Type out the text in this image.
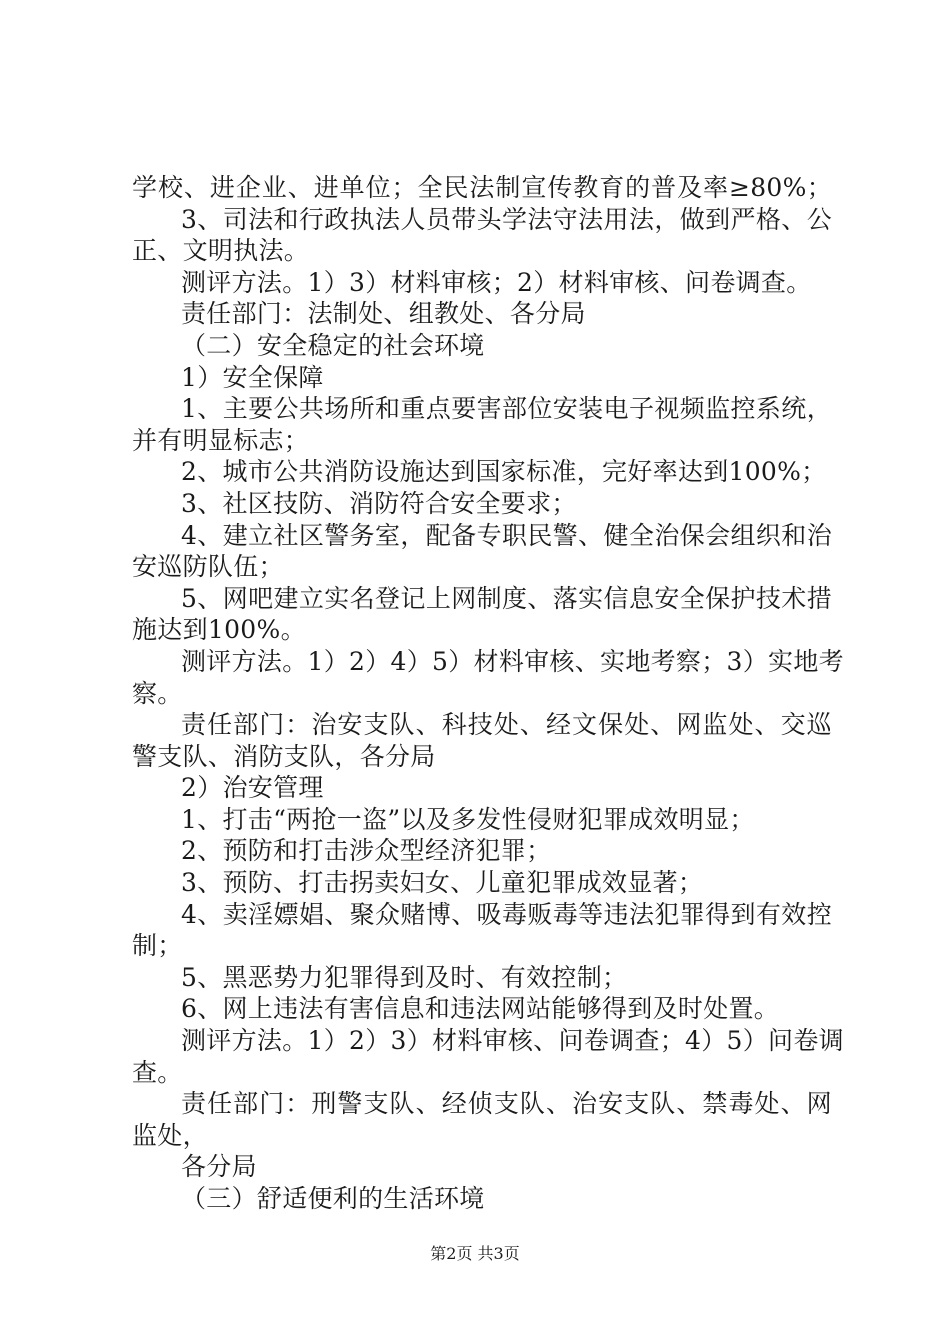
学校、进企业、进单位；全民法制宣传教育的普及率≥80%；
3、司法和行政执法人员带头学法守法用法，做到严格、公
正、文明执法。
测评方法。1）3）材料审核；2）材料审核、问卷调查。
责任部门：法制处、组教处、各分局
（二）安全稳定的社会环境
1）安全保障
1、主要公共场所和重点要害部位安装电子视频监控系统，
并有明显标志；
2、城市公共消防设施达到国家标准，完好率达到100%；
3、社区技防、消防符合安全要求；
4、建立社区警务室，配备专职民警、健全治保会组织和治
安巡防队伍；
5、网吧建立实名登记上网制度、落实信息安全保护技术措
施达到100%。
测评方法。1）2）4）5）材料审核、实地考察；3）实地考
察。
责任部门：治安支队、科技处、经文保处、网监处、交巡
警支队、消防支队，各分局
2）治安管理
1、打击“两抢一盗”以及多发性侵财犯罪成效明显；
2、预防和打击涉众型经济犯罪；
3、预防、打击拐卖妇女、儿童犯罪成效显著；
4、卖淫嫖娼、聚众赌博、吸毒贩毒等违法犯罪得到有效控
制；
5、黑恶势力犯罪得到及时、有效控制；
6、网上违法有害信息和违法网站能够得到及时处置。
测评方法。1）2）3）材料审核、问卷调查；4）5）问卷调
查。
责任部门：刑警支队、经侦支队、治安支队、禁毒处、网
监处，
各分局
（三）舒适便利的生活环境
第2页 共3页
